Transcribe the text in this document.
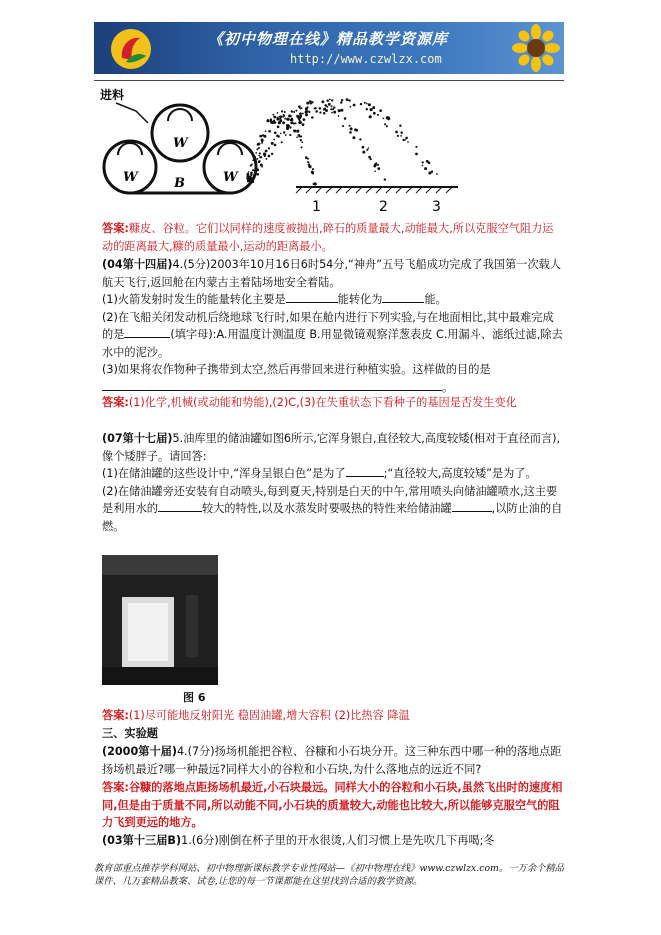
《初中物理在线》精品教学资源库
http://www.czwlzx.com
进料
W
W
W
B
1	2	3
答案:糠皮、谷粒。它们以同样的速度被抛出,碎石的质量最大,动能最大,所以克服空气阻力运动的距离最大,糠的质量最小,运动的距离最小。
(04第十四届)4.(5分)2003年10月16日6时54分,“神舟”五号飞船成功完成了我国第一次载人航天飞行,返回舱在内蒙古主着陆场地安全着陆。
(1)火箭发射时发生的能量转化主要是	能转化为	能。
(2)在飞船关闭发动机后绕地球飞行时,如果在舱内进行下列实验,与在地面相比,其中最难完成的是	(填字母):A.用温度计测温度 B.用显微镜观察洋葱表皮 C.用漏斗、滤纸过滤,除去水中的泥沙。
(3)如果将农作物种子携带到太空,然后再带回来进行种植实验。这样做的目的是
。
答案:(1)化学,机械(或动能和势能),(2)C,(3)在失重状态下看种子的基因是否发生变化
(07第十七届)5.油库里的储油罐如图6所示,它浑身银白,直径较大,高度较矮(相对于直径而言),像个矮胖子。请回答:
(1)在储油罐的这些设计中,“浑身呈银白色”是为了	;“直径较大,高度较矮”是为了。
(2)在储油罐旁还安装有自动喷头,每到夏天,特别是白天的中午,常用喷头向储油罐喷水,这主要是利用水的	较大的特性,以及水蒸发时要吸热的特性来给储油罐	,以防止油的自燃。
图 6
答案:(1)尽可能地反射阳光 稳固油罐,增大容积 (2)比热容 降温
三、实验题
(2000第十届)4.(7分)扬场机能把谷粒、谷糠和小石块分开。这三种东西中哪一种的落地点距扬场机最近?哪一种最远?同样大小的谷粒和小石块,为什么落地点的远近不同?
答案:谷糠的落地点距扬场机最近,小石块最远。同样大小的谷粒和小石块,虽然飞出时的速度相同,但是由于质量不同,所以动能不同,小石块的质量较大,动能也比较大,所以能够克服空气的阻力飞到更远的地方。
(03第十三届B)1.(6分)刚倒在杯子里的开水很烫,人们习惯上是先吹几下再喝;冬
教育部重点推荐学科网站、初中物理新课标教学专业性网站—《初中物理在线》www.czwlzx.com。一万余个精品课件、几万套精品教案、试卷,让您的每一节课都能在这里找到合适的教学资源。
